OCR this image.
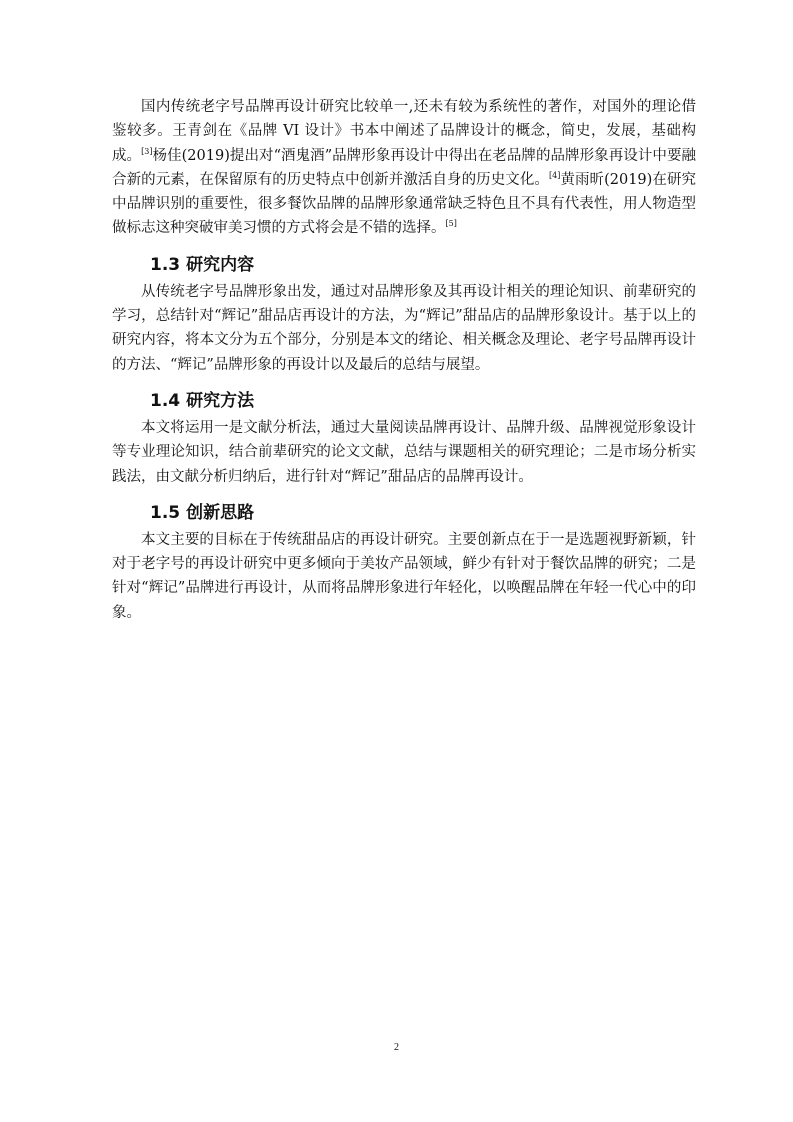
国内传统老字号品牌再设计研究比较单一,还未有较为系统性的著作，对国外的理论借鉴较多。王青剑在《品牌 VI 设计》书本中阐述了品牌设计的概念，简史，发展，基础构成。[3]杨佳(2019)提出对“酒鬼酒”品牌形象再设计中得出在老品牌的品牌形象再设计中要融合新的元素，在保留原有的历史特点中创新并激活自身的历史文化。[4]黄雨昕(2019)在研究中品牌识别的重要性，很多餐饮品牌的品牌形象通常缺乏特色且不具有代表性，用人物造型做标志这种突破审美习惯的方式将会是不错的选择。[5]

1.3 研究内容

从传统老字号品牌形象出发，通过对品牌形象及其再设计相关的理论知识、前辈研究的学习，总结针对“辉记”甜品店再设计的方法，为“辉记”甜品店的品牌形象设计。基于以上的研究内容，将本文分为五个部分，分别是本文的绪论、相关概念及理论、老字号品牌再设计的方法、“辉记”品牌形象的再设计以及最后的总结与展望。

1.4 研究方法

本文将运用一是文献分析法，通过大量阅读品牌再设计、品牌升级、品牌视觉形象设计等专业理论知识，结合前辈研究的论文文献，总结与课题相关的研究理论；二是市场分析实践法，由文献分析归纳后，进行针对“辉记”甜品店的品牌再设计。

1.5 创新思路

本文主要的目标在于传统甜品店的再设计研究。主要创新点在于一是选题视野新颖，针对于老字号的再设计研究中更多倾向于美妆产品领域，鲜少有针对于餐饮品牌的研究；二是针对“辉记”品牌进行再设计，从而将品牌形象进行年轻化，以唤醒品牌在年轻一代心中的印象。

2
